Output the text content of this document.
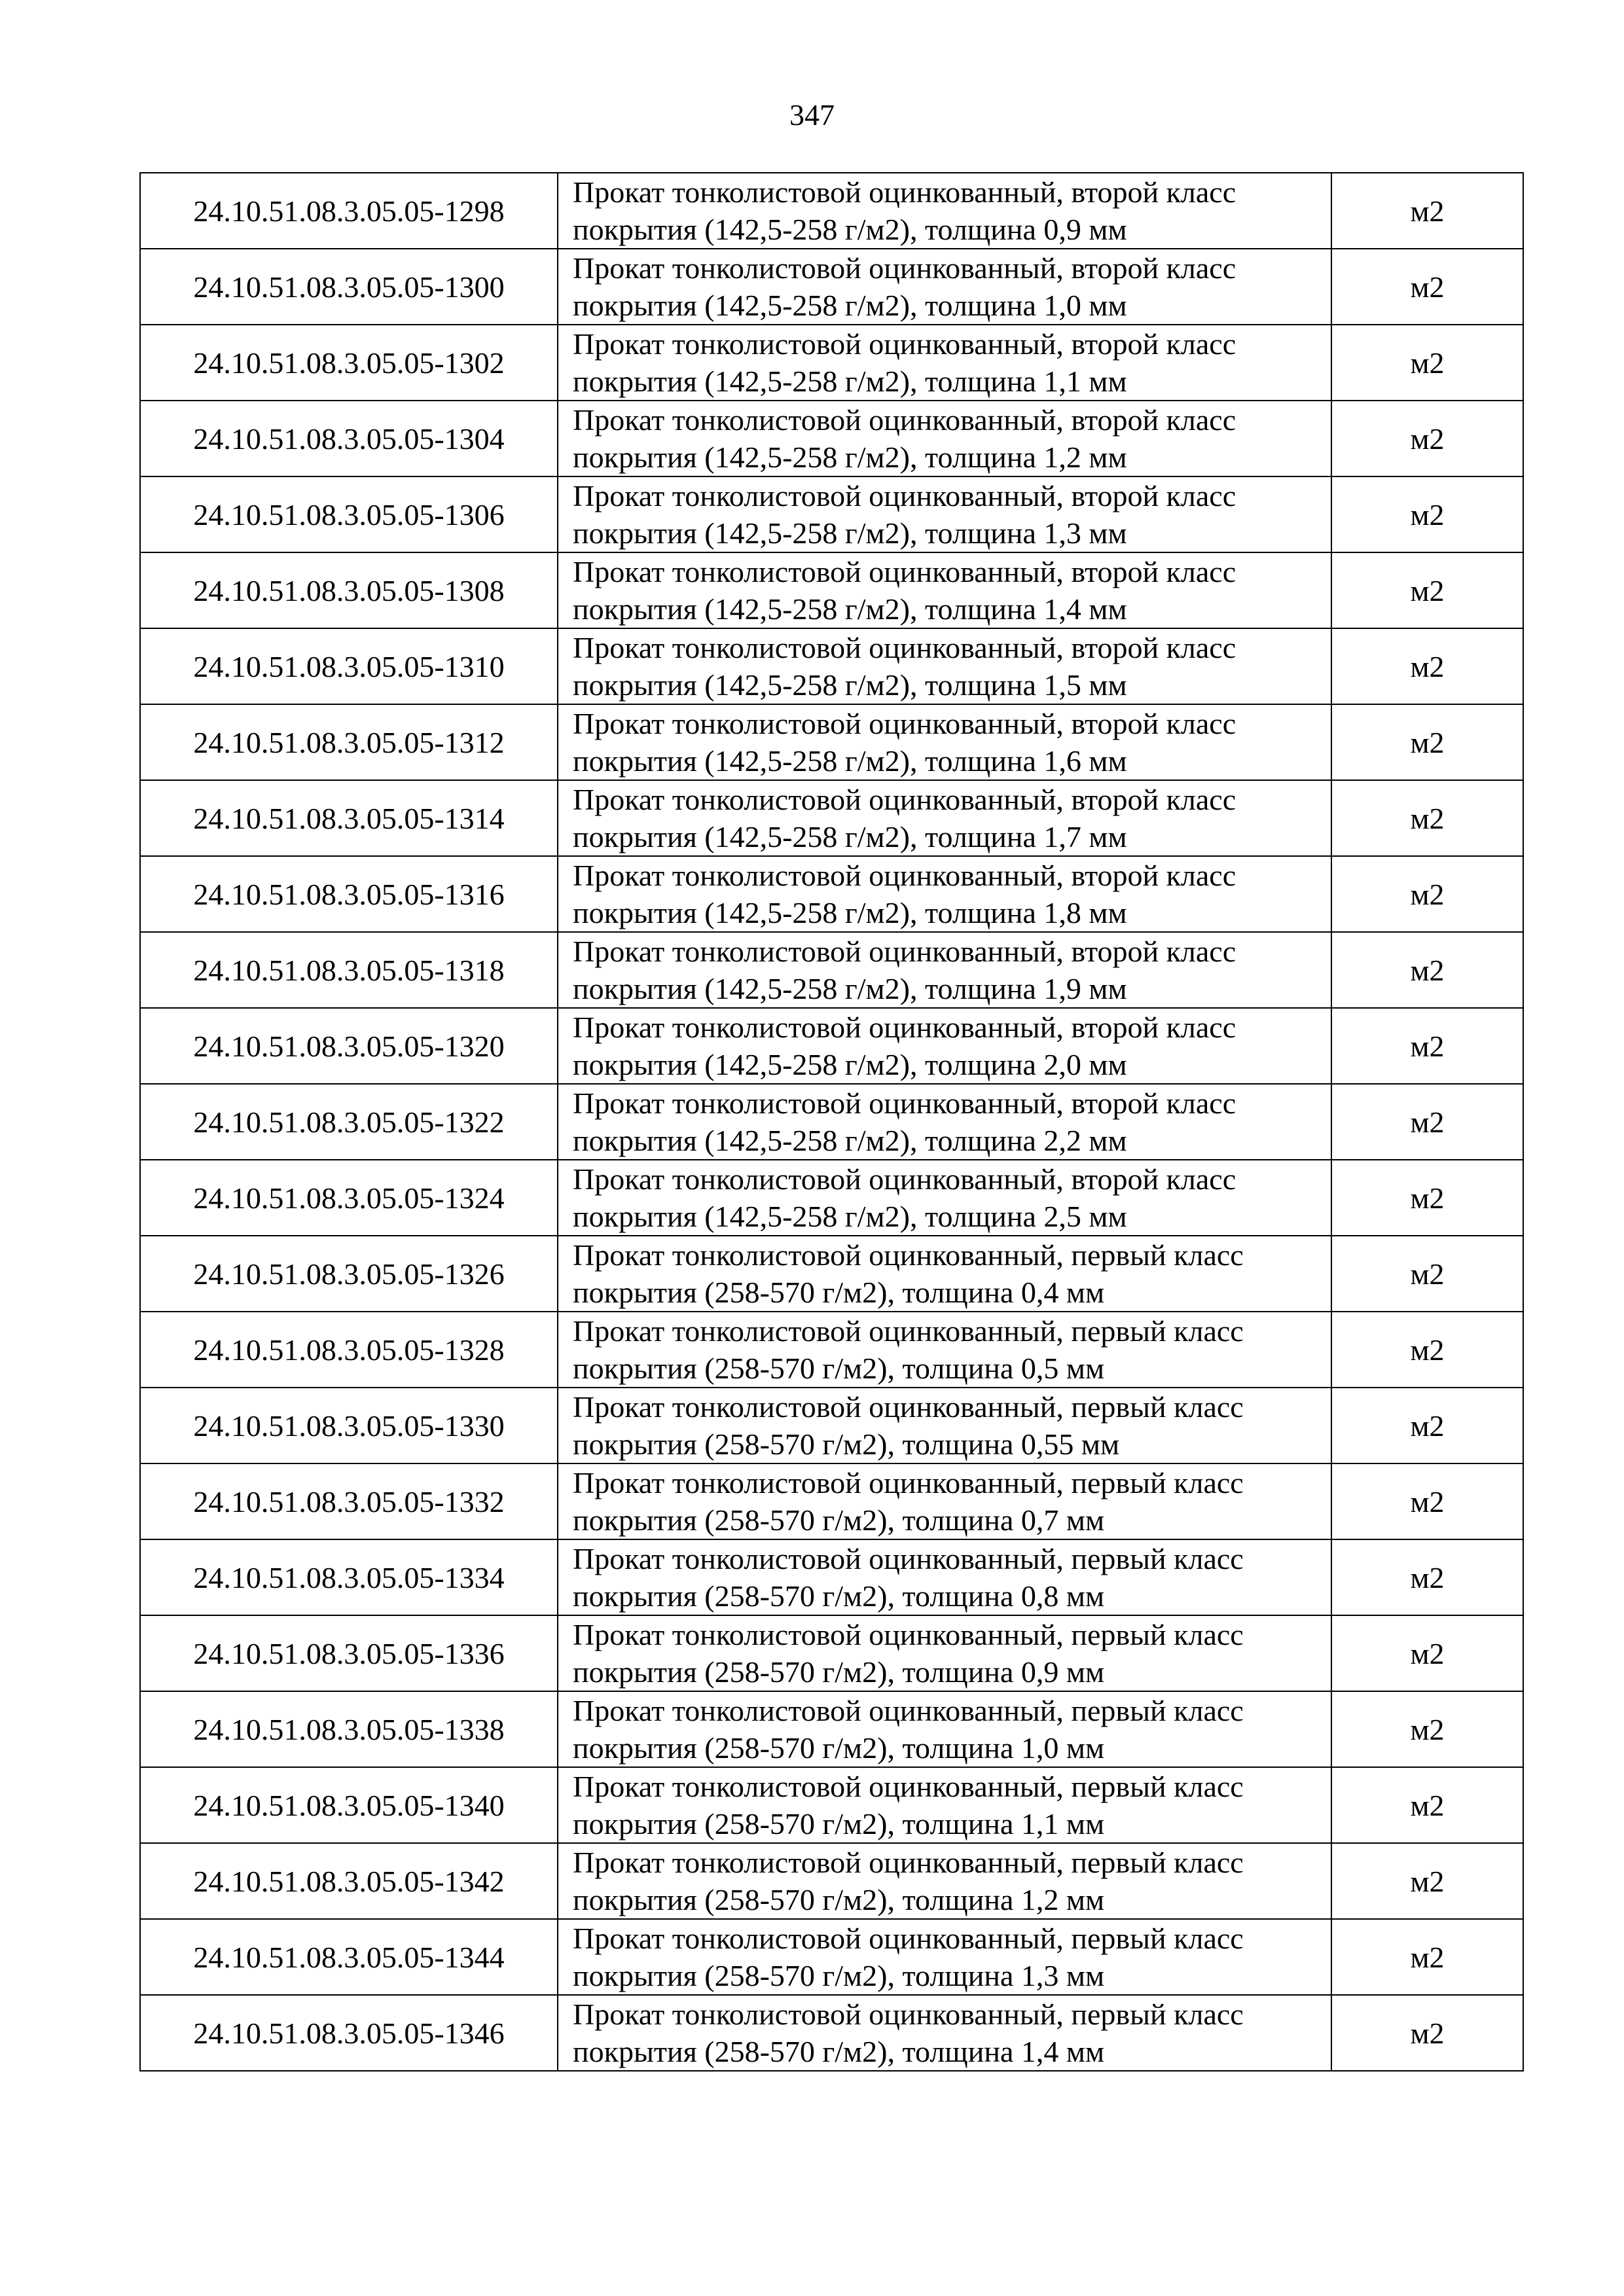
347
24.10.51.08.3.05.05-1298	Прокат тонколистовой оцинкованный, второй класс
покрытия (142,5-258 г/м2), толщина 0,9 мм	м2
24.10.51.08.3.05.05-1300	Прокат тонколистовой оцинкованный, второй класс
покрытия (142,5-258 г/м2), толщина 1,0 мм	м2
24.10.51.08.3.05.05-1302	Прокат тонколистовой оцинкованный, второй класс
покрытия (142,5-258 г/м2), толщина 1,1 мм	м2
24.10.51.08.3.05.05-1304	Прокат тонколистовой оцинкованный, второй класс
покрытия (142,5-258 г/м2), толщина 1,2 мм	м2
24.10.51.08.3.05.05-1306	Прокат тонколистовой оцинкованный, второй класс
покрытия (142,5-258 г/м2), толщина 1,3 мм	м2
24.10.51.08.3.05.05-1308	Прокат тонколистовой оцинкованный, второй класс
покрытия (142,5-258 г/м2), толщина 1,4 мм	м2
24.10.51.08.3.05.05-1310	Прокат тонколистовой оцинкованный, второй класс
покрытия (142,5-258 г/м2), толщина 1,5 мм	м2
24.10.51.08.3.05.05-1312	Прокат тонколистовой оцинкованный, второй класс
покрытия (142,5-258 г/м2), толщина 1,6 мм	м2
24.10.51.08.3.05.05-1314	Прокат тонколистовой оцинкованный, второй класс
покрытия (142,5-258 г/м2), толщина 1,7 мм	м2
24.10.51.08.3.05.05-1316	Прокат тонколистовой оцинкованный, второй класс
покрытия (142,5-258 г/м2), толщина 1,8 мм	м2
24.10.51.08.3.05.05-1318	Прокат тонколистовой оцинкованный, второй класс
покрытия (142,5-258 г/м2), толщина 1,9 мм	м2
24.10.51.08.3.05.05-1320	Прокат тонколистовой оцинкованный, второй класс
покрытия (142,5-258 г/м2), толщина 2,0 мм	м2
24.10.51.08.3.05.05-1322	Прокат тонколистовой оцинкованный, второй класс
покрытия (142,5-258 г/м2), толщина 2,2 мм	м2
24.10.51.08.3.05.05-1324	Прокат тонколистовой оцинкованный, второй класс
покрытия (142,5-258 г/м2), толщина 2,5 мм	м2
24.10.51.08.3.05.05-1326	Прокат тонколистовой оцинкованный, первый класс
покрытия (258-570 г/м2), толщина 0,4 мм	м2
24.10.51.08.3.05.05-1328	Прокат тонколистовой оцинкованный, первый класс
покрытия (258-570 г/м2), толщина 0,5 мм	м2
24.10.51.08.3.05.05-1330	Прокат тонколистовой оцинкованный, первый класс
покрытия (258-570 г/м2), толщина 0,55 мм	м2
24.10.51.08.3.05.05-1332	Прокат тонколистовой оцинкованный, первый класс
покрытия (258-570 г/м2), толщина 0,7 мм	м2
24.10.51.08.3.05.05-1334	Прокат тонколистовой оцинкованный, первый класс
покрытия (258-570 г/м2), толщина 0,8 мм	м2
24.10.51.08.3.05.05-1336	Прокат тонколистовой оцинкованный, первый класс
покрытия (258-570 г/м2), толщина 0,9 мм	м2
24.10.51.08.3.05.05-1338	Прокат тонколистовой оцинкованный, первый класс
покрытия (258-570 г/м2), толщина 1,0 мм	м2
24.10.51.08.3.05.05-1340	Прокат тонколистовой оцинкованный, первый класс
покрытия (258-570 г/м2), толщина 1,1 мм	м2
24.10.51.08.3.05.05-1342	Прокат тонколистовой оцинкованный, первый класс
покрытия (258-570 г/м2), толщина 1,2 мм	м2
24.10.51.08.3.05.05-1344	Прокат тонколистовой оцинкованный, первый класс
покрытия (258-570 г/м2), толщина 1,3 мм	м2
24.10.51.08.3.05.05-1346	Прокат тонколистовой оцинкованный, первый класс
покрытия (258-570 г/м2), толщина 1,4 мм	м2
